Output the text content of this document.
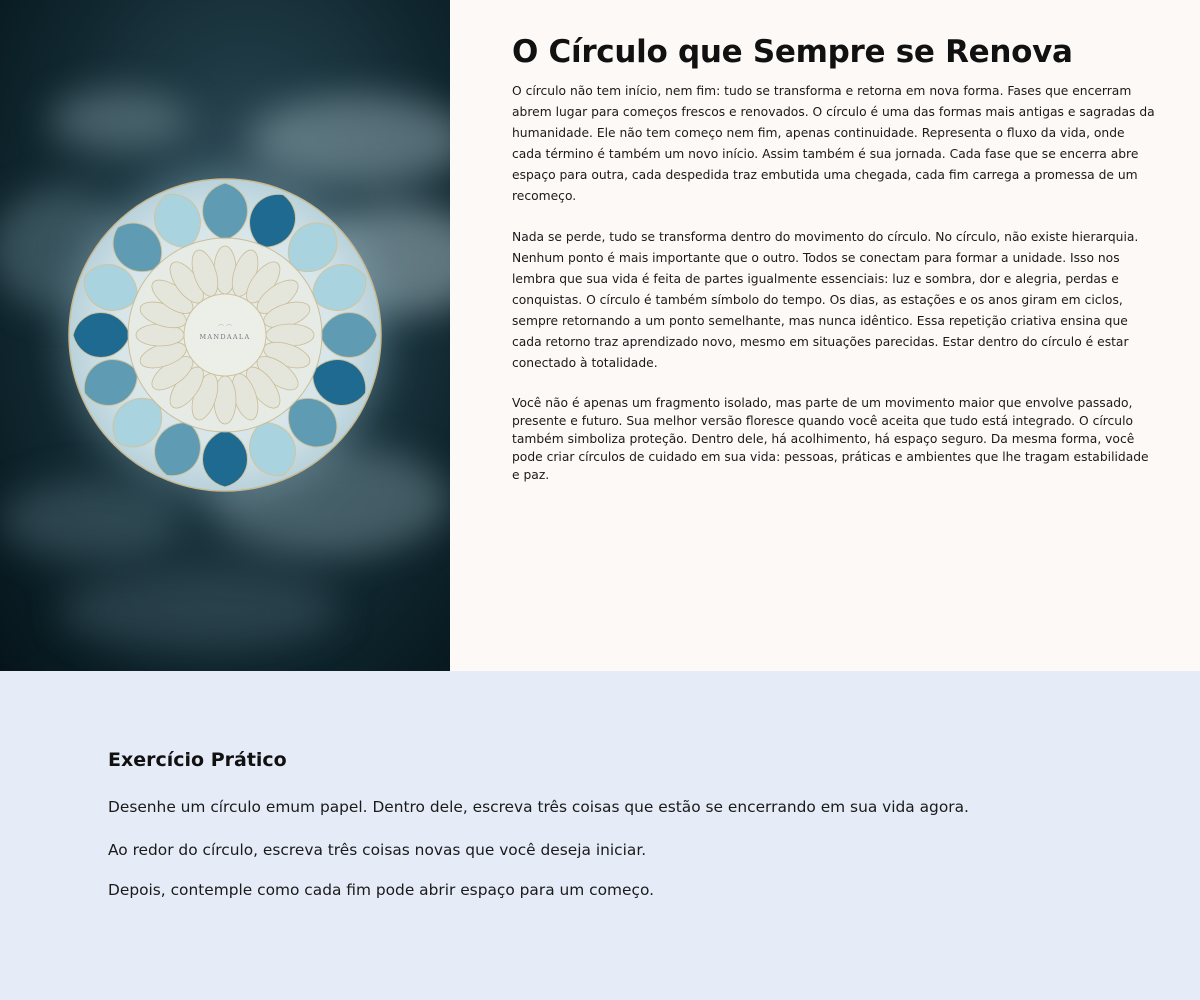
MANDAALA
⌒ ⌒
O Círculo que Sempre se Renova

O círculo não tem início, nem fim: tudo se transforma e retorna em nova forma. Fases que encerram abrem lugar para começos frescos e renovados. O círculo é uma das formas mais antigas e sagradas da humanidade. Ele não tem começo nem fim, apenas continuidade. Representa o fluxo da vida, onde cada término é também um novo início. Assim também é sua jornada. Cada fase que se encerra abre espaço para outra, cada despedida traz embutida uma chegada, cada fim carrega a promessa de um recomeço.

Nada se perde, tudo se transforma dentro do movimento do círculo. No círculo, não existe hierarquia. Nenhum ponto é mais importante que o outro. Todos se conectam para formar a unidade. Isso nos lembra que sua vida é feita de partes igualmente essenciais: luz e sombra, dor e alegria, perdas e conquistas. O círculo é também símbolo do tempo. Os dias, as estações e os anos giram em ciclos, sempre retornando a um ponto semelhante, mas nunca idêntico. Essa repetição criativa ensina que cada retorno traz aprendizado novo, mesmo em situações parecidas. Estar dentro do círculo é estar conectado à totalidade.

Você não é apenas um fragmento isolado, mas parte de um movimento maior que envolve passado, presente e futuro. Sua melhor versão floresce quando você aceita que tudo está integrado. O círculo também simboliza proteção. Dentro dele, há acolhimento, há espaço seguro. Da mesma forma, você pode criar círculos de cuidado em sua vida: pessoas, práticas e ambientes que lhe tragam estabilidade e paz.

Exercício Prático

Desenhe um círculo emum papel. Dentro dele, escreva três coisas que estão se encerrando em sua vida agora.

Ao redor do círculo, escreva três coisas novas que você deseja iniciar.

Depois, contemple como cada fim pode abrir espaço para um começo.
